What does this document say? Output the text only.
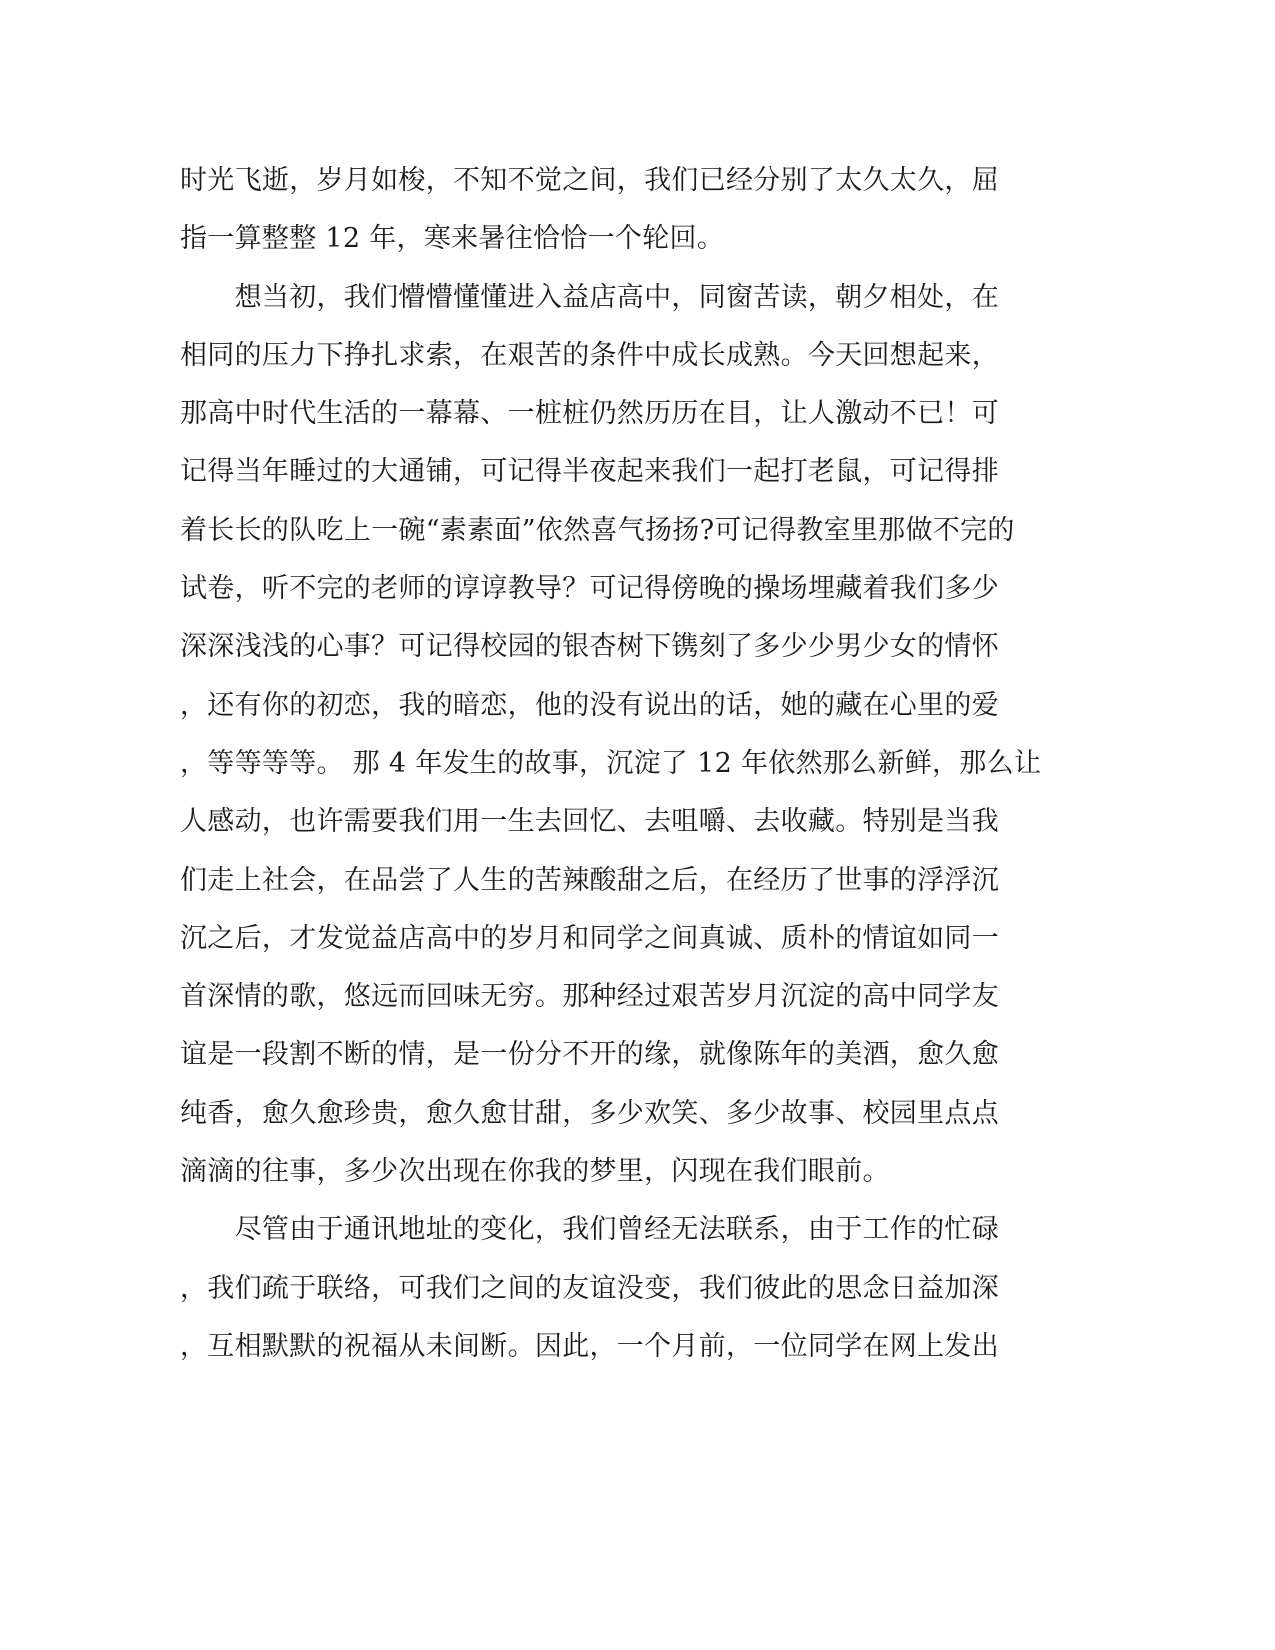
时光飞逝，岁月如梭，不知不觉之间，我们已经分别了太久太久，屈
指一算整整 12 年，寒来暑往恰恰一个轮回。
　　想当初，我们懵懵懂懂进入益店高中，同窗苦读，朝夕相处，在
相同的压力下挣扎求索，在艰苦的条件中成长成熟。今天回想起来，
那高中时代生活的一幕幕、一桩桩仍然历历在目，让人激动不已！可
记得当年睡过的大通铺，可记得半夜起来我们一起打老鼠，可记得排
着长长的队吃上一碗“素素面”依然喜气扬扬?可记得教室里那做不完的
试卷，听不完的老师的谆谆教导？可记得傍晚的操场埋藏着我们多少
深深浅浅的心事？可记得校园的银杏树下镌刻了多少少男少女的情怀
，还有你的初恋，我的暗恋，他的没有说出的话，她的藏在心里的爱
，等等等等。 那 4 年发生的故事，沉淀了 12 年依然那么新鲜，那么让
人感动，也许需要我们用一生去回忆、去咀嚼、去收藏。特别是当我
们走上社会，在品尝了人生的苦辣酸甜之后，在经历了世事的浮浮沉
沉之后，才发觉益店高中的岁月和同学之间真诚、质朴的情谊如同一
首深情的歌，悠远而回味无穷。那种经过艰苦岁月沉淀的高中同学友
谊是一段割不断的情，是一份分不开的缘，就像陈年的美酒，愈久愈
纯香，愈久愈珍贵，愈久愈甘甜，多少欢笑、多少故事、校园里点点
滴滴的往事，多少次出现在你我的梦里，闪现在我们眼前。
　　尽管由于通讯地址的变化，我们曾经无法联系，由于工作的忙碌
，我们疏于联络，可我们之间的友谊没变，我们彼此的思念日益加深
，互相默默的祝福从未间断。因此，一个月前，一位同学在网上发出
